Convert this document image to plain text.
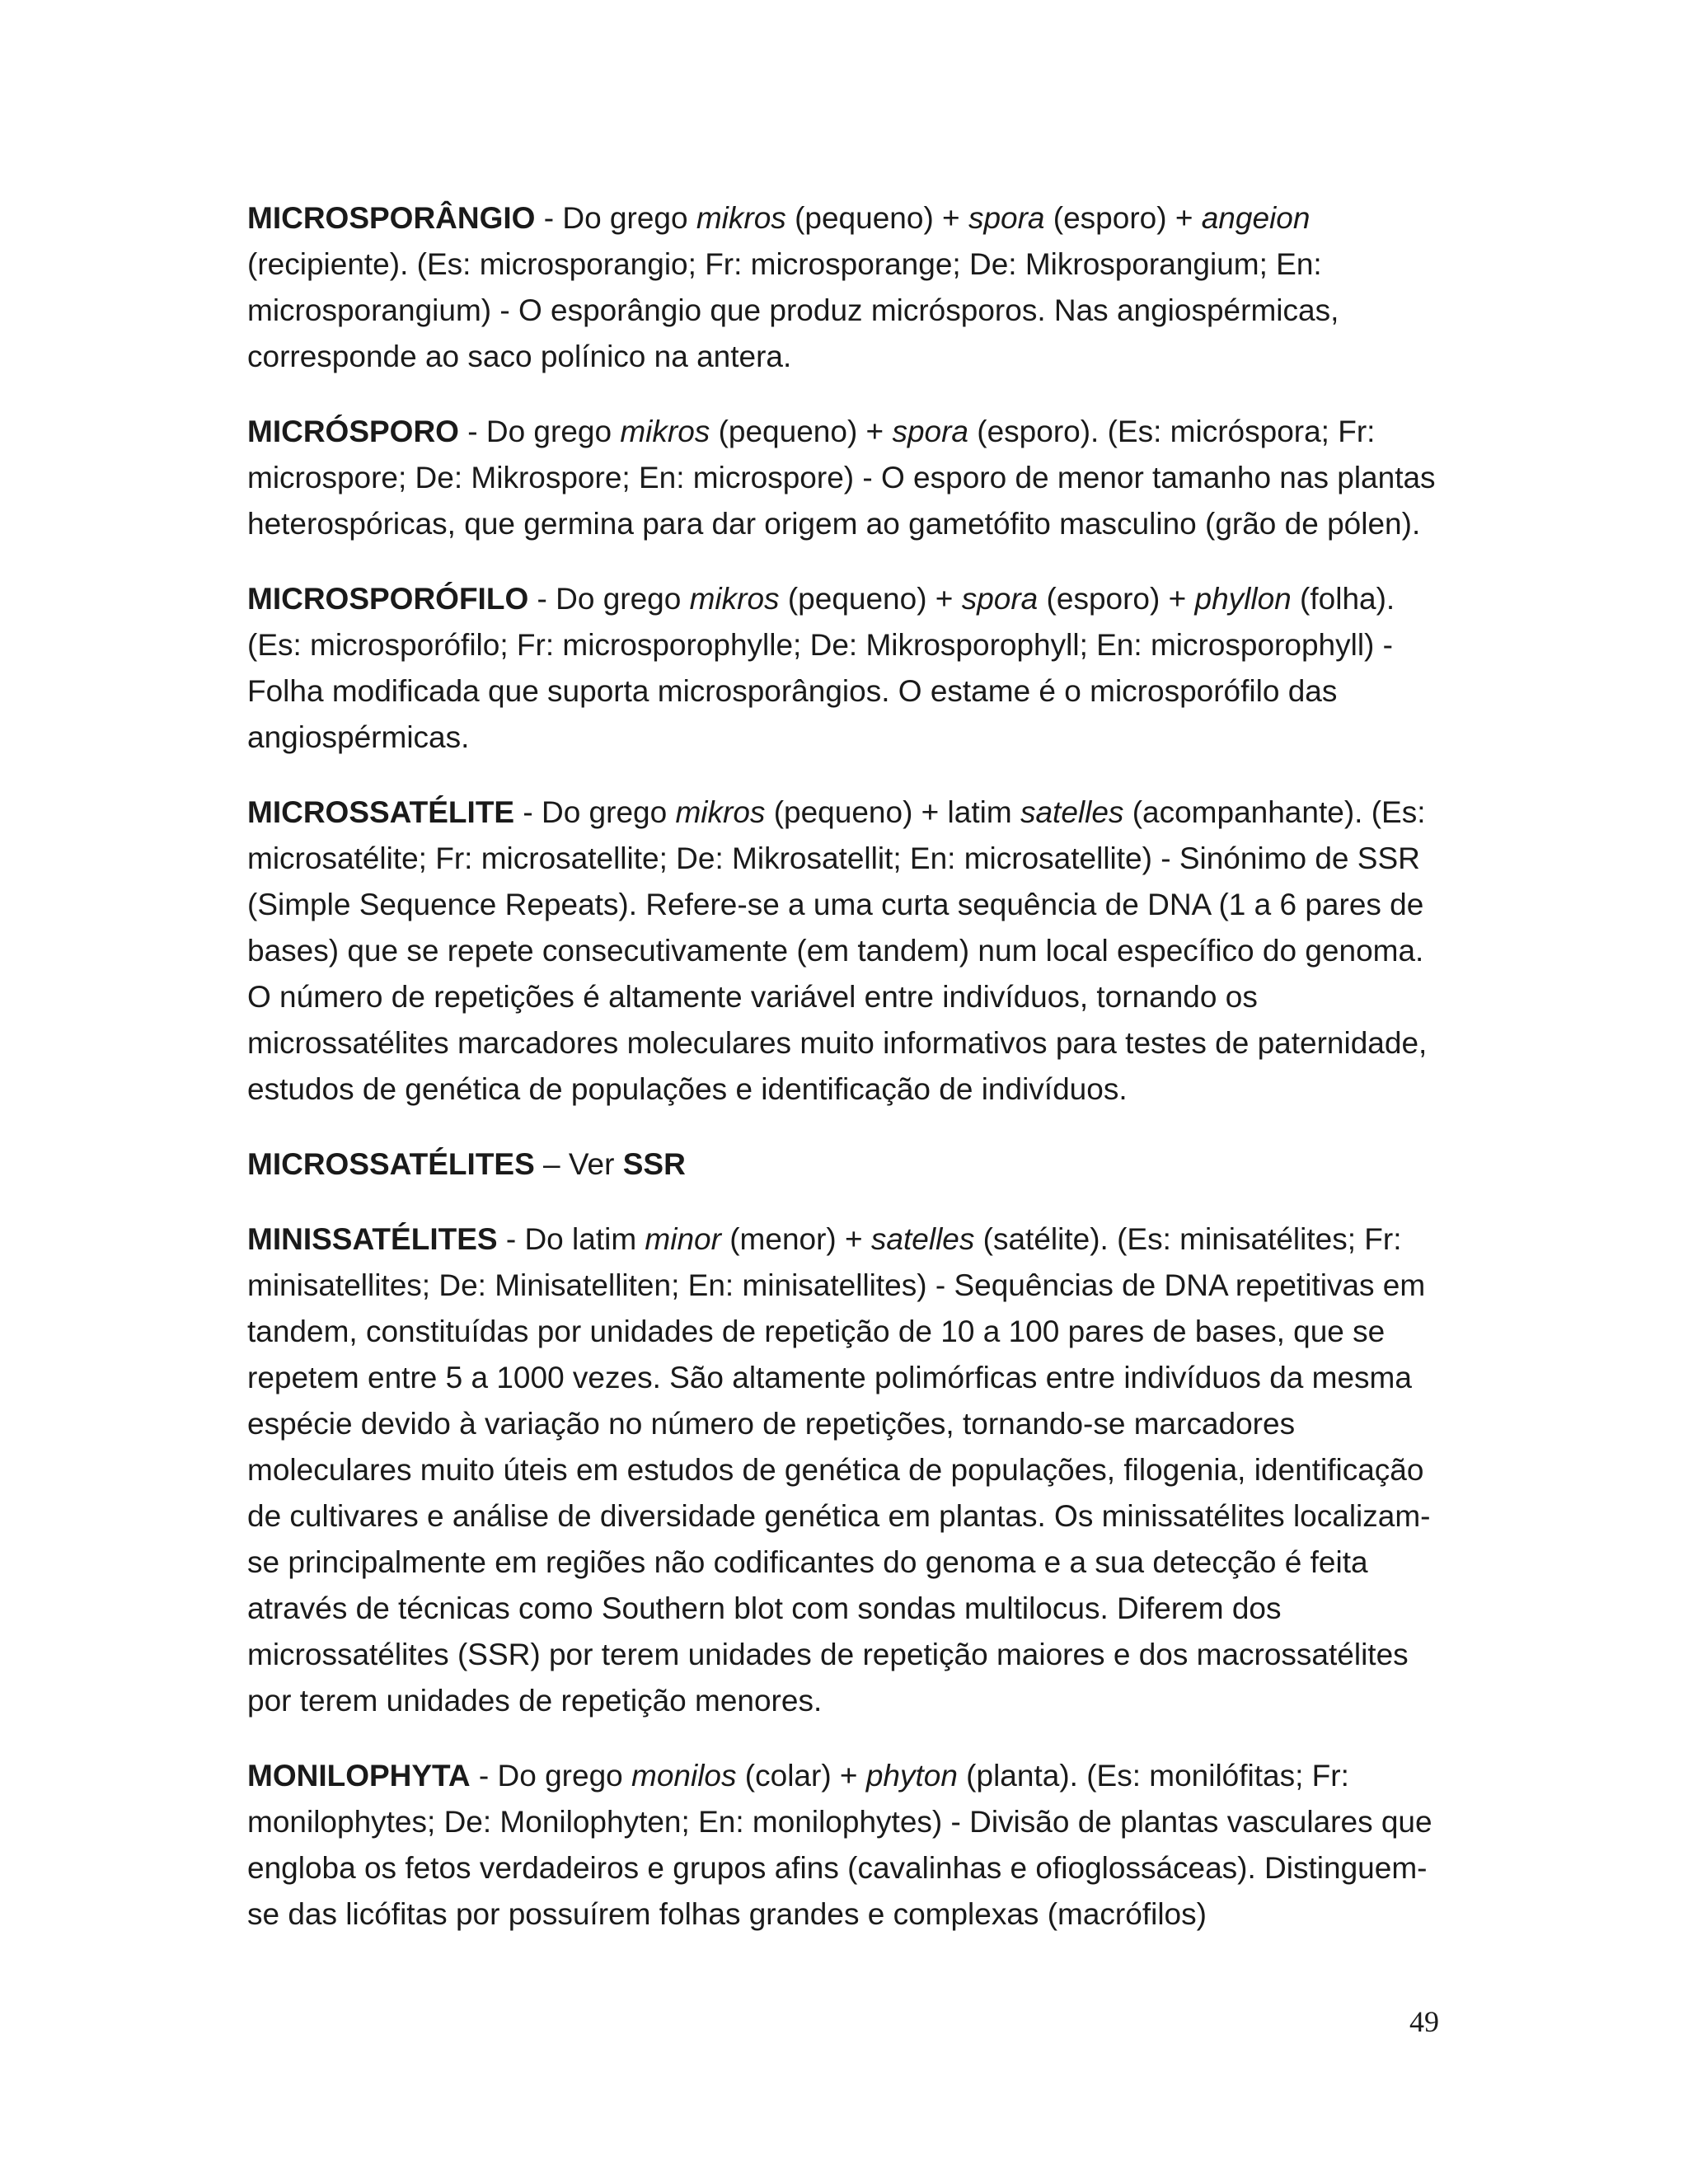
MICROSPORÂNGIO - Do grego mikros (pequeno) + spora (esporo) + angeion (recipiente). (Es: microsporangio; Fr: microsporange; De: Mikrosporangium; En: microsporangium) - O esporângio que produz micrósporos. Nas angiospérmicas, corresponde ao saco polínico na antera.

MICRÓSPORO - Do grego mikros (pequeno) + spora (esporo). (Es: micróspora; Fr: microspore; De: Mikrospore; En: microspore) - O esporo de menor tamanho nas plantas heterospóricas, que germina para dar origem ao gametófito masculino (grão de pólen).

MICROSPORÓFILO - Do grego mikros (pequeno) + spora (esporo) + phyllon (folha). (Es: microsporófilo; Fr: microsporophylle; De: Mikrosporophyll; En: microsporophyll) - Folha modificada que suporta microsporângios. O estame é o microsporófilo das angiospérmicas.

MICROSSATÉLITE - Do grego mikros (pequeno) + latim satelles (acompanhante). (Es: microsatélite; Fr: microsatellite; De: Mikrosatellit; En: microsatellite) - Sinónimo de SSR (Simple Sequence Repeats). Refere-se a uma curta sequência de DNA (1 a 6 pares de bases) que se repete consecutivamente (em tandem) num local específico do genoma. O número de repetições é altamente variável entre indivíduos, tornando os microssatélites marcadores moleculares muito informativos para testes de paternidade, estudos de genética de populações e identificação de indivíduos.

MICROSSATÉLITES – Ver SSR

MINISSATÉLITES - Do latim minor (menor) + satelles (satélite). (Es: minisatélites; Fr: minisatellites; De: Minisatelliten; En: minisatellites) - Sequências de DNA repetitivas em tandem, constituídas por unidades de repetição de 10 a 100 pares de bases, que se repetem entre 5 a 1000 vezes. São altamente polimórficas entre indivíduos da mesma espécie devido à variação no número de repetições, tornando-se marcadores moleculares muito úteis em estudos de genética de populações, filogenia, identificação de cultivares e análise de diversidade genética em plantas. Os minissatélites localizam-se principalmente em regiões não codificantes do genoma e a sua detecção é feita através de técnicas como Southern blot com sondas multilocus. Diferem dos microssatélites (SSR) por terem unidades de repetição maiores e dos macrossatélites por terem unidades de repetição menores.

MONILOPHYTA - Do grego monilos (colar) + phyton (planta). (Es: monilófitas; Fr: monilophytes; De: Monilophyten; En: monilophytes) - Divisão de plantas vasculares que engloba os fetos verdadeiros e grupos afins (cavalinhas e ofioglossáceas). Distinguem-se das licófitas por possuírem folhas grandes e complexas (macrófilos)

49
